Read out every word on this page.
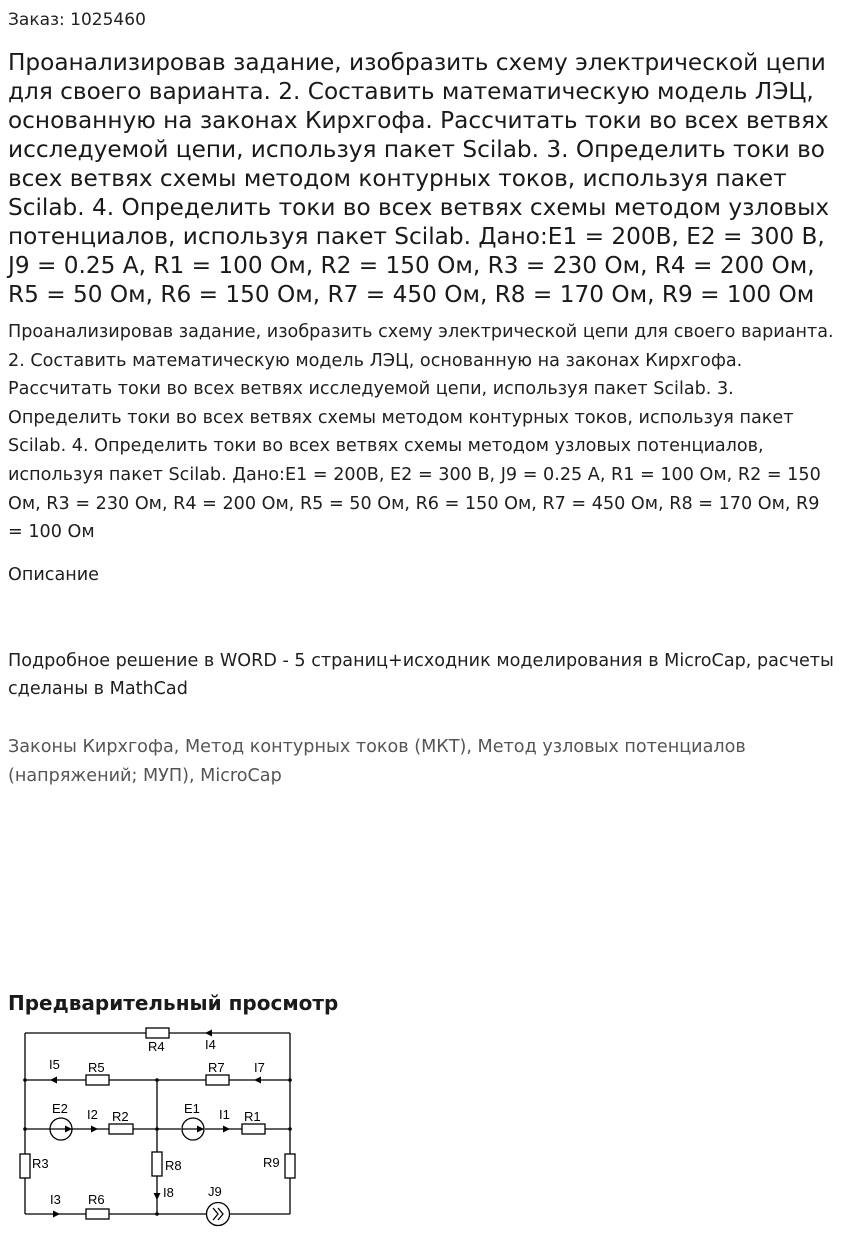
Заказ: 1025460

Проанализировав задание, изобразить схему электрической цепи для своего варианта. 2. Составить математическую модель ЛЭЦ, основанную на законах Кирхгофа. Рассчитать токи во всех ветвях исследуемой цепи, используя пакет Scilab. 3. Определить токи во всех ветвях схемы методом контурных токов, используя пакет Scilab. 4. Определить токи во всех ветвях схемы методом узловых потенциалов, используя пакет Scilab. Дано:Е1 = 200В, Е2 = 300 В, J9 = 0.25 А, R1 = 100 Ом, R2 = 150 Ом, R3 = 230 Ом, R4 = 200 Ом, R5 = 50 Ом, R6 = 150 Ом, R7 = 450 Ом, R8 = 170 Ом, R9 = 100 Ом

Проанализировав задание, изобразить схему электрической цепи для своего варианта. 2. Составить математическую модель ЛЭЦ, основанную на законах Кирхгофа. Рассчитать токи во всех ветвях исследуемой цепи, используя пакет Scilab. 3. Определить токи во всех ветвях схемы методом контурных токов, используя пакет Scilab. 4. Определить токи во всех ветвях схемы методом узловых потенциалов, используя пакет Scilab. Дано:Е1 = 200В, Е2 = 300 В, J9 = 0.25 А, R1 = 100 Ом, R2 = 150 Ом, R3 = 230 Ом, R4 = 200 Ом, R5 = 50 Ом, R6 = 150 Ом, R7 = 450 Ом, R8 = 170 Ом, R9 = 100 Ом

Описание

Подробное решение в WORD - 5 страниц+исходник моделирования в MicroCap, расчеты
сделаны в MathCad

Законы Кирхгофа, Метод контурных токов (МКТ), Метод узловых потенциалов (напряжений; МУП), MicroCap

Предварительный просмотр
R4	I4
I5 R5	R7 I7
E2 I2 R2
E1 I1 R1
R3	R8	R9
I3 R6	I8	J9
